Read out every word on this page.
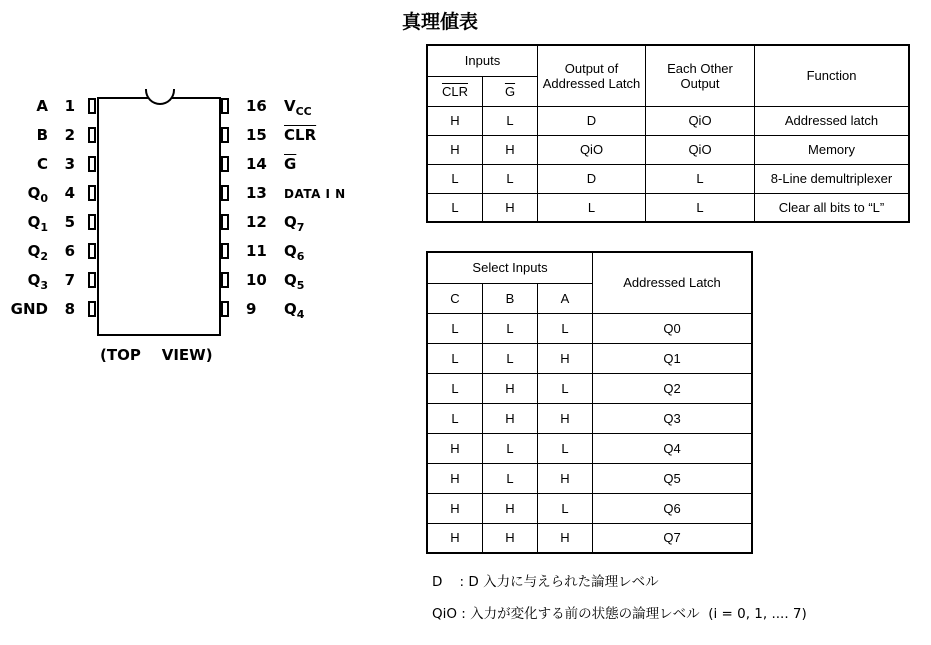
1
A
2
B
3
C
4
$Q_0$
5
$Q_1$
6
$Q_2$
7
$Q_3$
8
GND
16 $V_{CC}$
15 $\overline{CLR}$
14 $\overline{G}$
13 DATA I N
12 $Q_7$
11 $Q_6$
10 $Q_5$
9 $Q_4$
(TOP    VIEW)
真理値表
Inputs		Output of Addressed Latch	Each Other Output	Function
$\overline{CLR}$	$\overline{G}$
H	L	D	QiO	Addressed latch
H	H	QiO	QiO	Memory
L	L	D	L	8-Line demultriplexer
L	H	L	L	Clear all bits to “L”
Select Inputs			Addressed Latch
C	B	A	
L	L	L	Q0
L	L	H	Q1
L	H	L	Q2
L	H	H	Q3
H	L	L	Q4
H	L	H	Q5
H	H	L	Q6
H	H	H	Q7
D    : D 入力に与えられた論理レベル
QiO : 入力が変化する前の状態の論理レベル  (i = 0, 1, .... 7)
